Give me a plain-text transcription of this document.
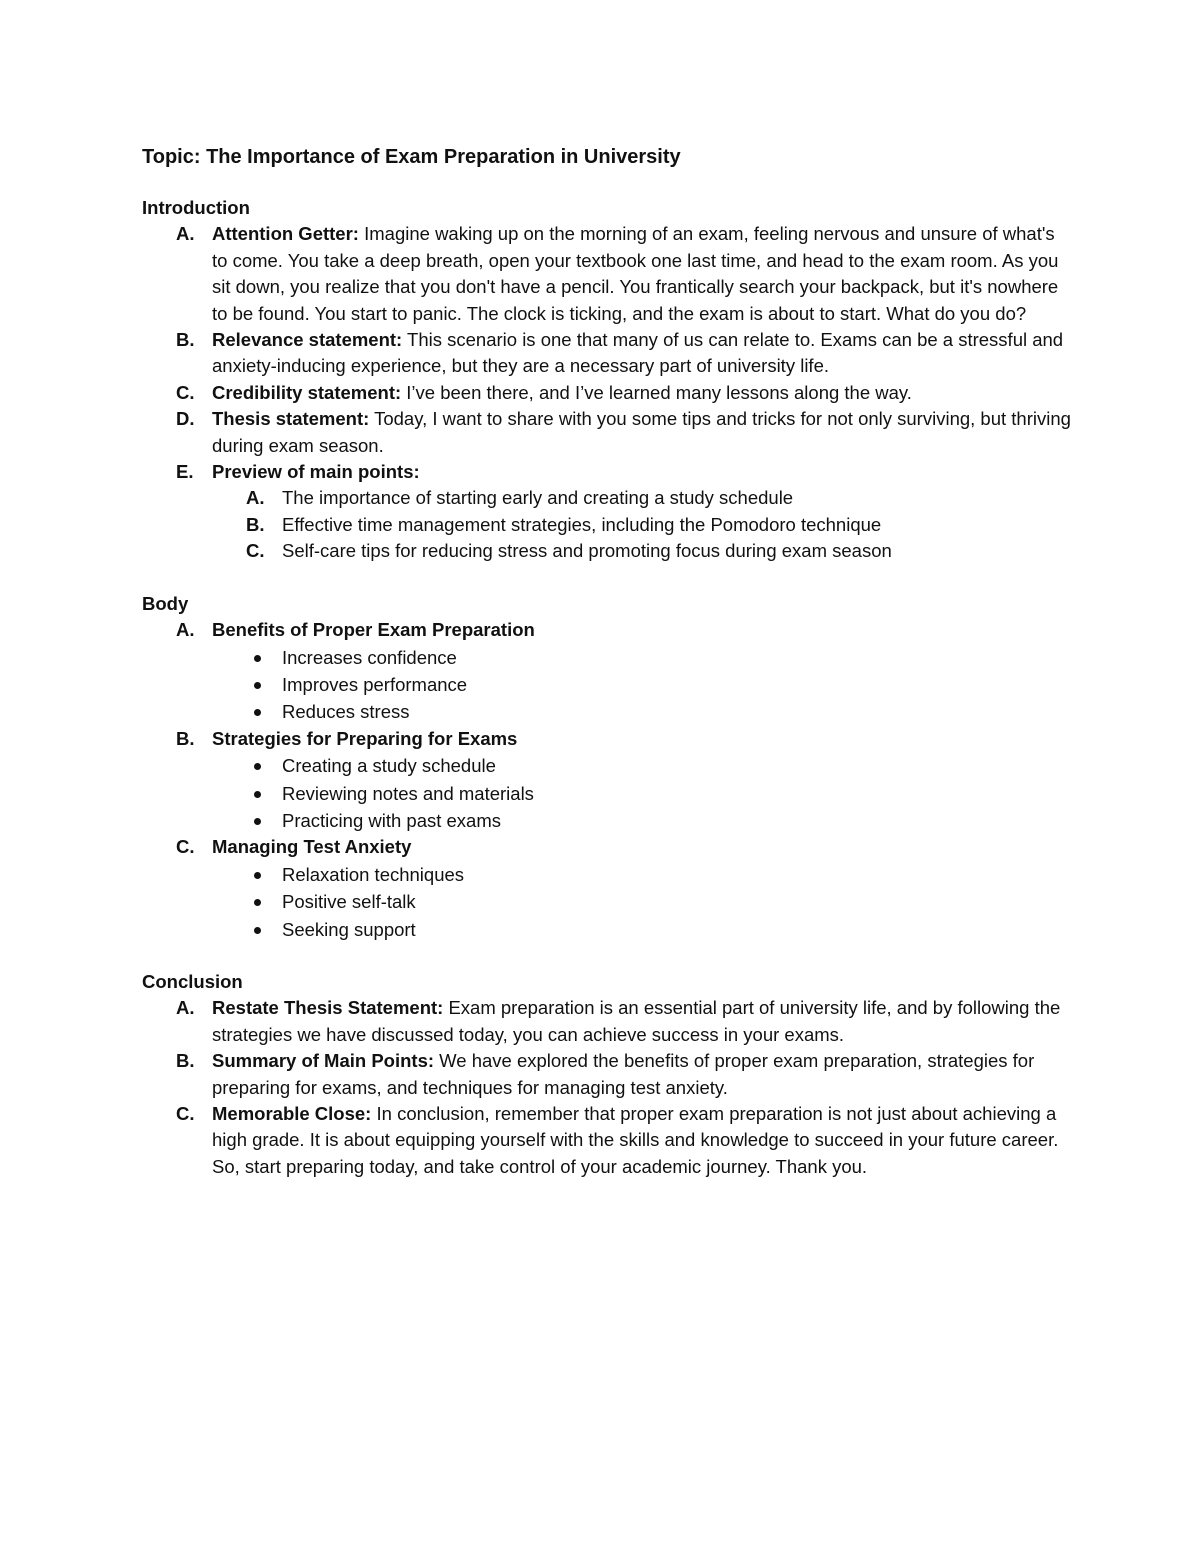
Topic: The Importance of Exam Preparation in University
Introduction
A. Attention Getter: Imagine waking up on the morning of an exam, feeling nervous and unsure of what's to come. You take a deep breath, open your textbook one last time, and head to the exam room. As you sit down, you realize that you don't have a pencil. You frantically search your backpack, but it's nowhere to be found. You start to panic. The clock is ticking, and the exam is about to start. What do you do?
B. Relevance statement: This scenario is one that many of us can relate to. Exams can be a stressful and anxiety-inducing experience, but they are a necessary part of university life.
C. Credibility statement: I’ve been there, and I’ve learned many lessons along the way.
D. Thesis statement: Today, I want to share with you some tips and tricks for not only surviving, but thriving during exam season.
E. Preview of main points:
A. The importance of starting early and creating a study schedule
B. Effective time management strategies, including the Pomodoro technique
C. Self-care tips for reducing stress and promoting focus during exam season
Body
A. Benefits of Proper Exam Preparation
Increases confidence
Improves performance
Reduces stress
B. Strategies for Preparing for Exams
Creating a study schedule
Reviewing notes and materials
Practicing with past exams
C. Managing Test Anxiety
Relaxation techniques
Positive self-talk
Seeking support
Conclusion
A. Restate Thesis Statement: Exam preparation is an essential part of university life, and by following the strategies we have discussed today, you can achieve success in your exams.
B. Summary of Main Points: We have explored the benefits of proper exam preparation, strategies for preparing for exams, and techniques for managing test anxiety.
C. Memorable Close: In conclusion, remember that proper exam preparation is not just about achieving a high grade. It is about equipping yourself with the skills and knowledge to succeed in your future career. So, start preparing today, and take control of your academic journey. Thank you.
